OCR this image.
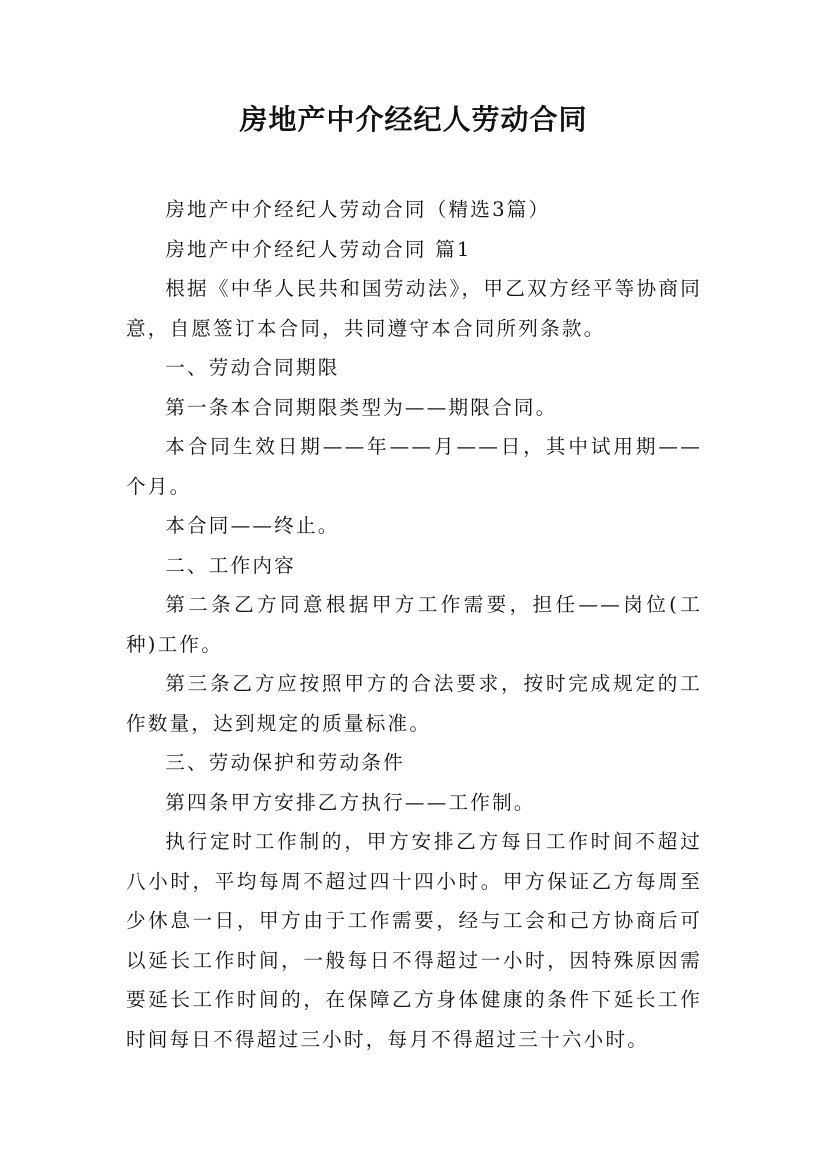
房地产中介经纪人劳动合同

房地产中介经纪人劳动合同（精选3篇）

房地产中介经纪人劳动合同 篇1

根据《中华人民共和国劳动法》，甲乙双方经平等协商同意，自愿签订本合同，共同遵守本合同所列条款。

一、劳动合同期限

第一条本合同期限类型为——期限合同。

本合同生效日期——年——月——日，其中试用期——个月。

本合同——终止。

二、工作内容

第二条乙方同意根据甲方工作需要，担任——岗位(工种)工作。

第三条乙方应按照甲方的合法要求，按时完成规定的工作数量，达到规定的质量标准。

三、劳动保护和劳动条件

第四条甲方安排乙方执行——工作制。

执行定时工作制的，甲方安排乙方每日工作时间不超过八小时，平均每周不超过四十四小时。甲方保证乙方每周至少休息一日，甲方由于工作需要，经与工会和己方协商后可以延长工作时间，一般每日不得超过一小时，因特殊原因需要延长工作时间的，在保障乙方身体健康的条件下延长工作时间每日不得超过三小时，每月不得超过三十六小时。
